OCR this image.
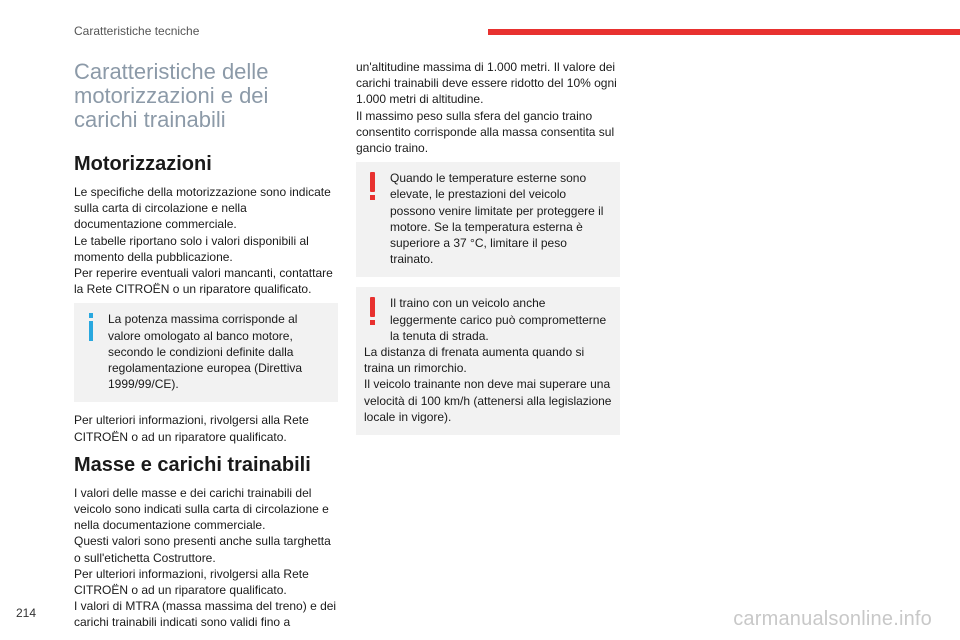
Caratteristiche tecniche
Caratteristiche delle motorizzazioni e dei carichi trainabili
Motorizzazioni

Le specifiche della motorizzazione sono indicate sulla carta di circolazione e nella documentazione commerciale.

Le tabelle riportano solo i valori disponibili al momento della pubblicazione.

Per reperire eventuali valori mancanti, contattare la Rete CITROËN o un riparatore qualificato.

La potenza massima corrisponde al valore omologato al banco motore, secondo le condizioni definite dalla regolamentazione europea (Direttiva 1999/99/CE).

Per ulteriori informazioni, rivolgersi alla Rete CITROËN o ad un riparatore qualificato.

Masse e carichi trainabili

I valori delle masse e dei carichi trainabili del veicolo sono indicati sulla carta di circolazione e nella documentazione commerciale.

Questi valori sono presenti anche sulla targhetta o sull'etichetta Costruttore.

Per ulteriori informazioni, rivolgersi alla Rete CITROËN o ad un riparatore qualificato.

I valori di MTRA (massa massima del treno) e dei carichi trainabili indicati sono validi fino a

un'altitudine massima di 1.000 metri. Il valore dei carichi trainabili deve essere ridotto del 10% ogni 1.000 metri di altitudine.

Il massimo peso sulla sfera del gancio traino consentito corrisponde alla massa consentita sul gancio traino.

Quando le temperature esterne sono elevate, le prestazioni del veicolo possono venire limitate per proteggere il motore. Se la temperatura esterna è superiore a 37 °C, limitare il peso trainato.

Il traino con un veicolo anche leggermente carico può comprometterne la tenuta di strada.

La distanza di frenata aumenta quando si traina un rimorchio.

Il veicolo trainante non deve mai superare una velocità di 100 km/h (attenersi alla legislazione locale in vigore).

214	carmanualsonline.info
